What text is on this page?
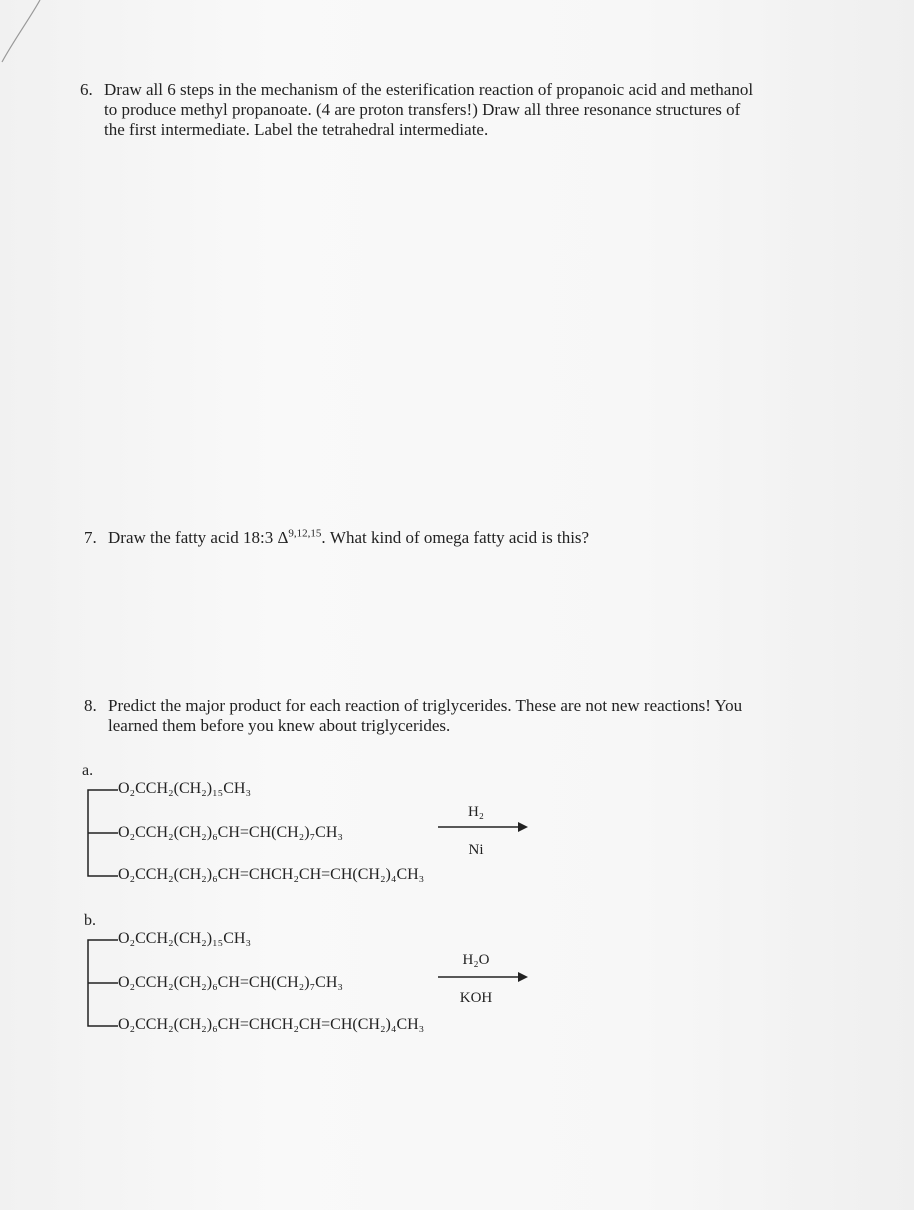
6. Draw all 6 steps in the mechanism of the esterification reaction of propanoic acid and methanol to produce methyl propanoate. (4 are proton transfers!) Draw all three resonance structures of the first intermediate. Label the tetrahedral intermediate.
7. Draw the fatty acid 18:3 Δ$^{9,12,15}$. What kind of omega fatty acid is this?
8. Predict the major product for each reaction of triglycerides. These are not new reactions! You learned them before you knew about triglycerides.
a.
O₂CCH₂(CH₂)₁₅CH₃
O₂CCH₂(CH₂)₆CH=CH(CH₂)₇CH₃
O₂CCH₂(CH₂)₆CH=CHCH₂CH=CH(CH₂)₄CH₃
H₂
Ni
b.
O₂CCH₂(CH₂)₁₅CH₃
O₂CCH₂(CH₂)₆CH=CH(CH₂)₇CH₃
O₂CCH₂(CH₂)₆CH=CHCH₂CH=CH(CH₂)₄CH₃
H₂O
KOH
